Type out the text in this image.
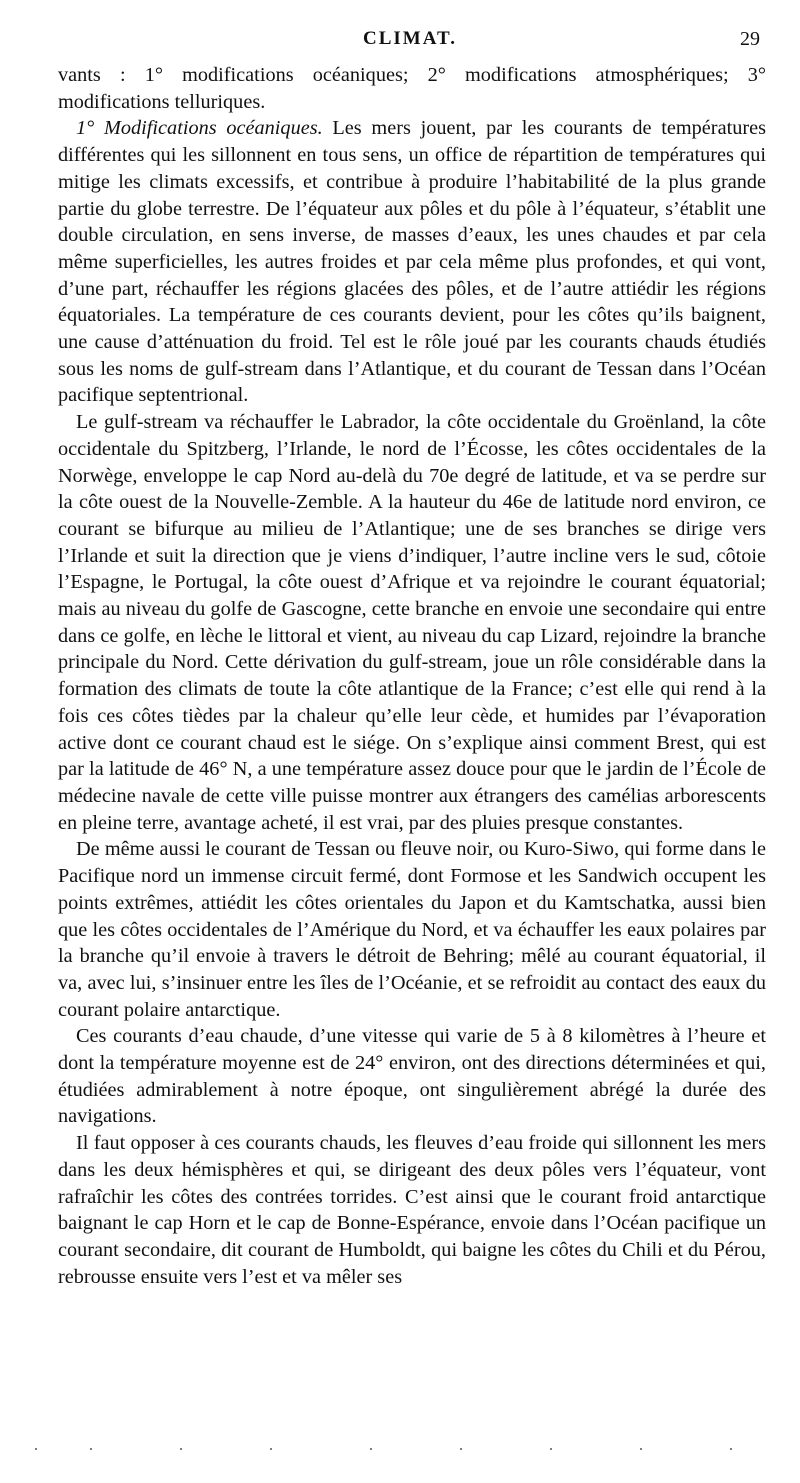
CLIMAT.	29

vants : 1° modifications océaniques; 2° modifications atmosphériques; 3° modifications telluriques.

1° Modifications océaniques. Les mers jouent, par les courants de températures différentes qui les sillonnent en tous sens, un office de répartition de températures qui mitige les climats excessifs, et contribue à produire l’habitabilité de la plus grande partie du globe terrestre. De l’équateur aux pôles et du pôle à l’équateur, s’établit une double circulation, en sens inverse, de masses d’eaux, les unes chaudes et par cela même superficielles, les autres froides et par cela même plus profondes, et qui vont, d’une part, réchauffer les régions glacées des pôles, et de l’autre attiédir les régions équatoriales. La température de ces courants devient, pour les côtes qu’ils baignent, une cause d’atténuation du froid. Tel est le rôle joué par les courants chauds étudiés sous les noms de gulf-stream dans l’Atlantique, et du courant de Tessan dans l’Océan pacifique septentrional.

Le gulf-stream va réchauffer le Labrador, la côte occidentale du Groënland, la côte occidentale du Spitzberg, l’Irlande, le nord de l’Écosse, les côtes occidentales de la Norwège, enveloppe le cap Nord au-delà du 70e degré de latitude, et va se perdre sur la côte ouest de la Nouvelle-Zemble. A la hauteur du 46e de latitude nord environ, ce courant se bifurque au milieu de l’Atlantique; une de ses branches se dirige vers l’Irlande et suit la direction que je viens d’indiquer, l’autre incline vers le sud, côtoie l’Espagne, le Portugal, la côte ouest d’Afrique et va rejoindre le courant équatorial; mais au niveau du golfe de Gascogne, cette branche en envoie une secondaire qui entre dans ce golfe, en lèche le littoral et vient, au niveau du cap Lizard, rejoindre la branche principale du Nord. Cette dérivation du gulf-stream, joue un rôle considérable dans la formation des climats de toute la côte atlantique de la France; c’est elle qui rend à la fois ces côtes tièdes par la chaleur qu’elle leur cède, et humides par l’évaporation active dont ce courant chaud est le siége. On s’explique ainsi comment Brest, qui est par la latitude de 46° N, a une température assez douce pour que le jardin de l’École de médecine navale de cette ville puisse montrer aux étrangers des camélias arborescents en pleine terre, avantage acheté, il est vrai, par des pluies presque constantes.

De même aussi le courant de Tessan ou fleuve noir, ou Kuro-Siwo, qui forme dans le Pacifique nord un immense circuit fermé, dont Formose et les Sandwich occupent les points extrêmes, attiédit les côtes orientales du Japon et du Kamtschatka, aussi bien que les côtes occidentales de l’Amérique du Nord, et va échauffer les eaux polaires par la branche qu’il envoie à travers le détroit de Behring; mêlé au courant équatorial, il va, avec lui, s’insinuer entre les îles de l’Océanie, et se refroidit au contact des eaux du courant polaire antarctique.

Ces courants d’eau chaude, d’une vitesse qui varie de 5 à 8 kilomètres à l’heure et dont la température moyenne est de 24° environ, ont des directions déterminées et qui, étudiées admirablement à notre époque, ont singulièrement abrégé la durée des navigations.

Il faut opposer à ces courants chauds, les fleuves d’eau froide qui sillonnent les mers dans les deux hémisphères et qui, se dirigeant des deux pôles vers l’équateur, vont rafraîchir les côtes des contrées torrides. C’est ainsi que le courant froid antarctique baignant le cap Horn et le cap de Bonne-Espérance, envoie dans l’Océan pacifique un courant secondaire, dit courant de Humboldt, qui baigne les côtes du Chili et du Pérou, rebrousse ensuite vers l’est et va mêler ses
